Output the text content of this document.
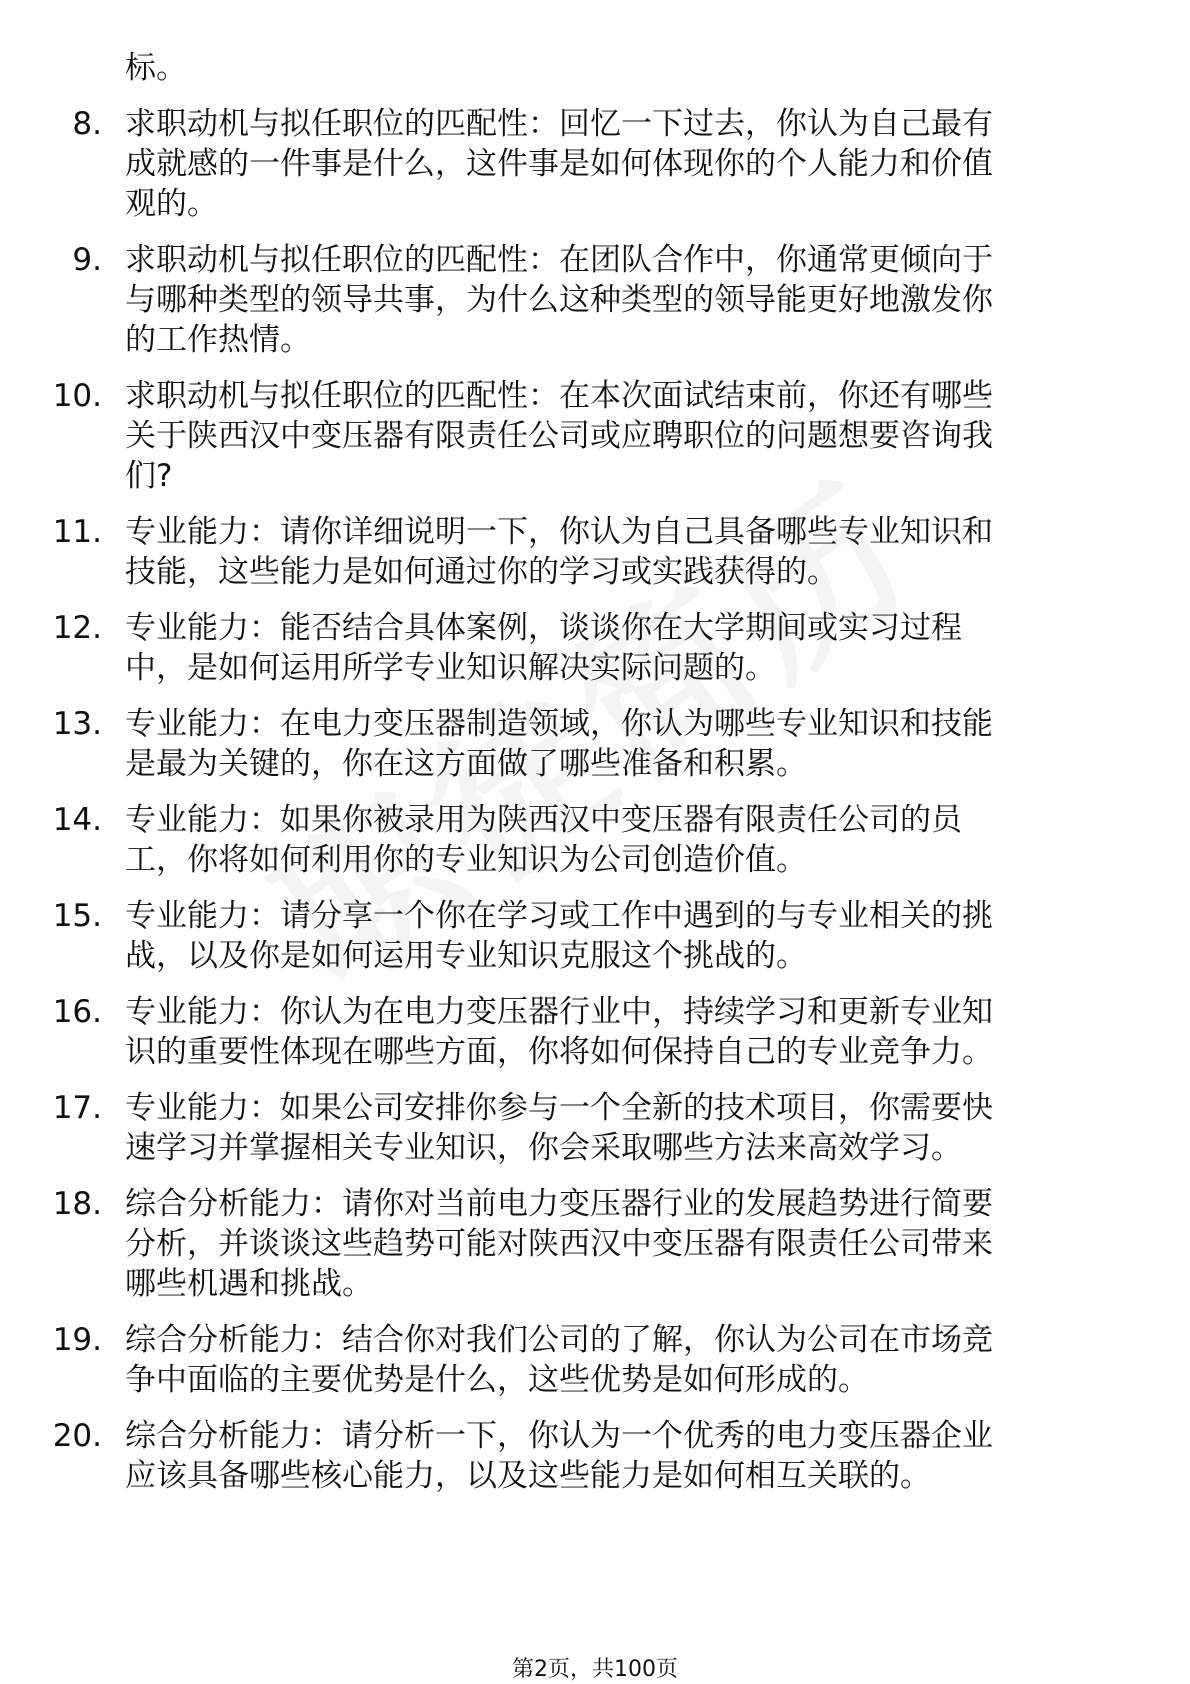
标。
8. 求职动机与拟任职位的匹配性：回忆一下过去，你认为自己最有
成就感的一件事是什么，这件事是如何体现你的个人能力和价值
观的。
9. 求职动机与拟任职位的匹配性：在团队合作中，你通常更倾向于
与哪种类型的领导共事，为什么这种类型的领导能更好地激发你
的工作热情。
10. 求职动机与拟任职位的匹配性：在本次面试结束前，你还有哪些
关于陕西汉中变压器有限责任公司或应聘职位的问题想要咨询我
们?
11. 专业能力：请你详细说明一下，你认为自己具备哪些专业知识和
技能，这些能力是如何通过你的学习或实践获得的。
12. 专业能力：能否结合具体案例，谈谈你在大学期间或实习过程
中，是如何运用所学专业知识解决实际问题的。
13. 专业能力：在电力变压器制造领域，你认为哪些专业知识和技能
是最为关键的，你在这方面做了哪些准备和积累。
14. 专业能力：如果你被录用为陕西汉中变压器有限责任公司的员
工，你将如何利用你的专业知识为公司创造价值。
15. 专业能力：请分享一个你在学习或工作中遇到的与专业相关的挑
战，以及你是如何运用专业知识克服这个挑战的。
16. 专业能力：你认为在电力变压器行业中，持续学习和更新专业知
识的重要性体现在哪些方面，你将如何保持自己的专业竞争力。
17. 专业能力：如果公司安排你参与一个全新的技术项目，你需要快
速学习并掌握相关专业知识，你会采取哪些方法来高效学习。
18. 综合分析能力：请你对当前电力变压器行业的发展趋势进行简要
分析，并谈谈这些趋势可能对陕西汉中变压器有限责任公司带来
哪些机遇和挑战。
19. 综合分析能力：结合你对我们公司的了解，你认为公司在市场竞
争中面临的主要优势是什么，这些优势是如何形成的。
20. 综合分析能力：请分析一下，你认为一个优秀的电力变压器企业
应该具备哪些核心能力，以及这些能力是如何相互关联的。
第2页，共100页
